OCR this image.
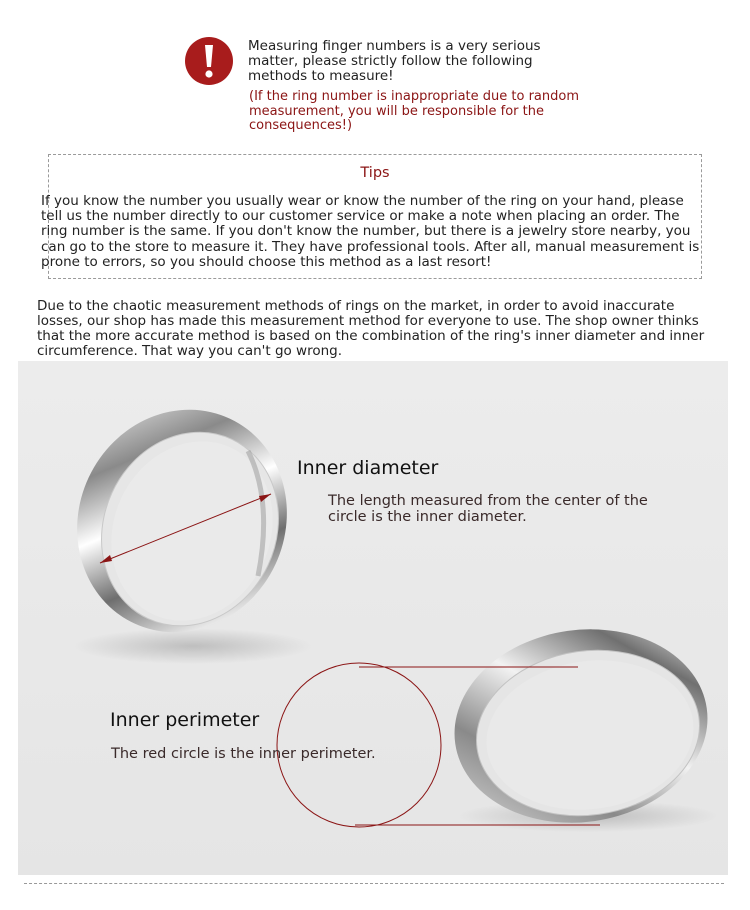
Measuring finger numbers is a very serious matter, please strictly follow the following methods to measure!
(If the ring number is inappropriate due to random measurement, you will be responsible for the consequences!)
Tips
If you know the number you usually wear or know the number of the ring on your hand, please tell us the number directly to our customer service or make a note when placing an order. The ring number is the same. If you don't know the number, but there is a jewelry store nearby, you can go to the store to measure it. They have professional tools. After all, manual measurement is prone to errors, so you should choose this method as a last resort!
Due to the chaotic measurement methods of rings on the market, in order to avoid inaccurate losses, our shop has made this measurement method for everyone to use. The shop owner thinks that the more accurate method is based on the combination of the ring's inner diameter and inner circumference. That way you can't go wrong.
Inner diameter
The length measured from the center of the circle is the inner diameter.
Inner perimeter
The red circle is the inner perimeter.
